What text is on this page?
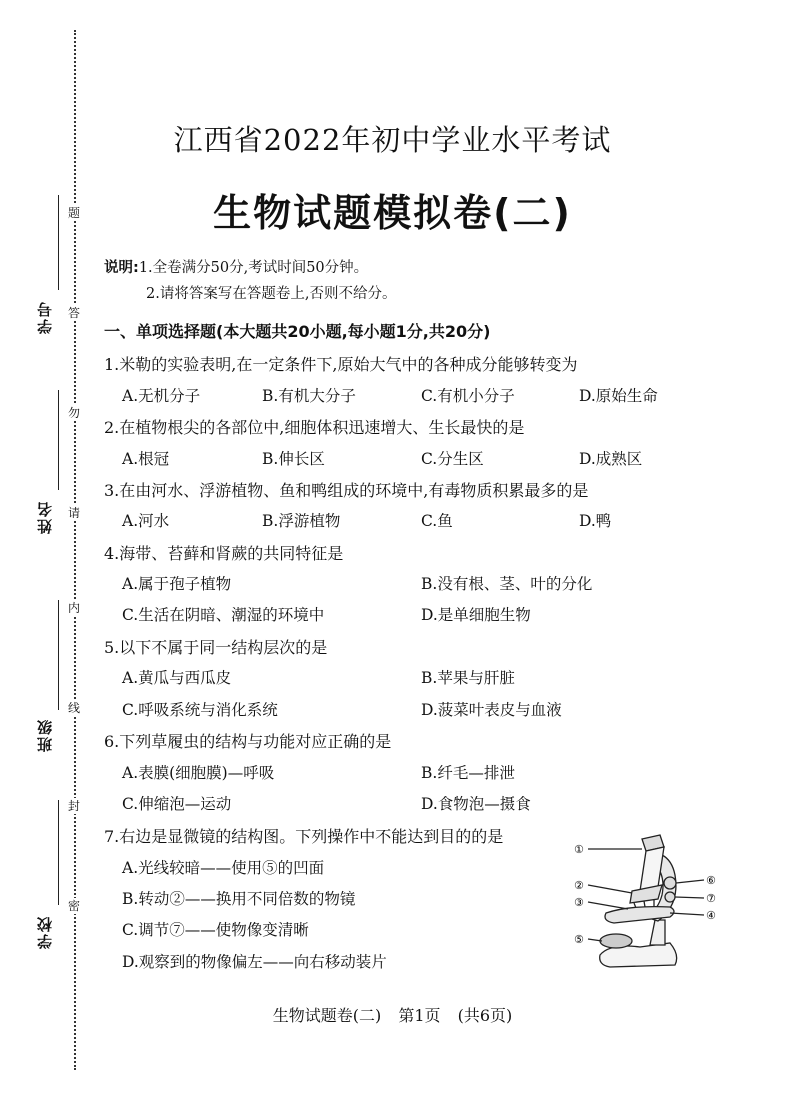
题
答
勿
请
内
线
封
密
学号
姓名
班级
学校
江西省2022年初中学业水平考试
生物试题模拟卷(二)
说明:1.全卷满分50分,考试时间50分钟。
2.请将答案写在答题卷上,否则不给分。
一、单项选择题(本大题共20小题,每小题1分,共20分)
1.米勒的实验表明,在一定条件下,原始大气中的各种成分能够转变为
A.无机分子	B.有机大分子	C.有机小分子	D.原始生命
2.在植物根尖的各部位中,细胞体积迅速增大、生长最快的是
A.根冠	B.伸长区	C.分生区	D.成熟区
3.在由河水、浮游植物、鱼和鸭组成的环境中,有毒物质积累最多的是
A.河水	B.浮游植物	C.鱼	D.鸭
4.海带、苔藓和肾蕨的共同特征是
A.属于孢子植物	B.没有根、茎、叶的分化
C.生活在阴暗、潮湿的环境中	D.是单细胞生物
5.以下不属于同一结构层次的是
A.黄瓜与西瓜皮	B.苹果与肝脏
C.呼吸系统与消化系统	D.菠菜叶表皮与血液
6.下列草履虫的结构与功能对应正确的是
A.表膜(细胞膜)—呼吸	B.纤毛—排泄
C.伸缩泡—运动	D.食物泡—摄食
7.右边是显微镜的结构图。下列操作中不能达到目的的是
A.光线较暗——使用⑤的凹面
B.转动②——换用不同倍数的物镜
C.调节⑦——使物像变清晰
D.观察到的物像偏左——向右移动装片
①
②
③
④
⑤
⑥
⑦
生物试题卷(二) 第1页 (共6页)
